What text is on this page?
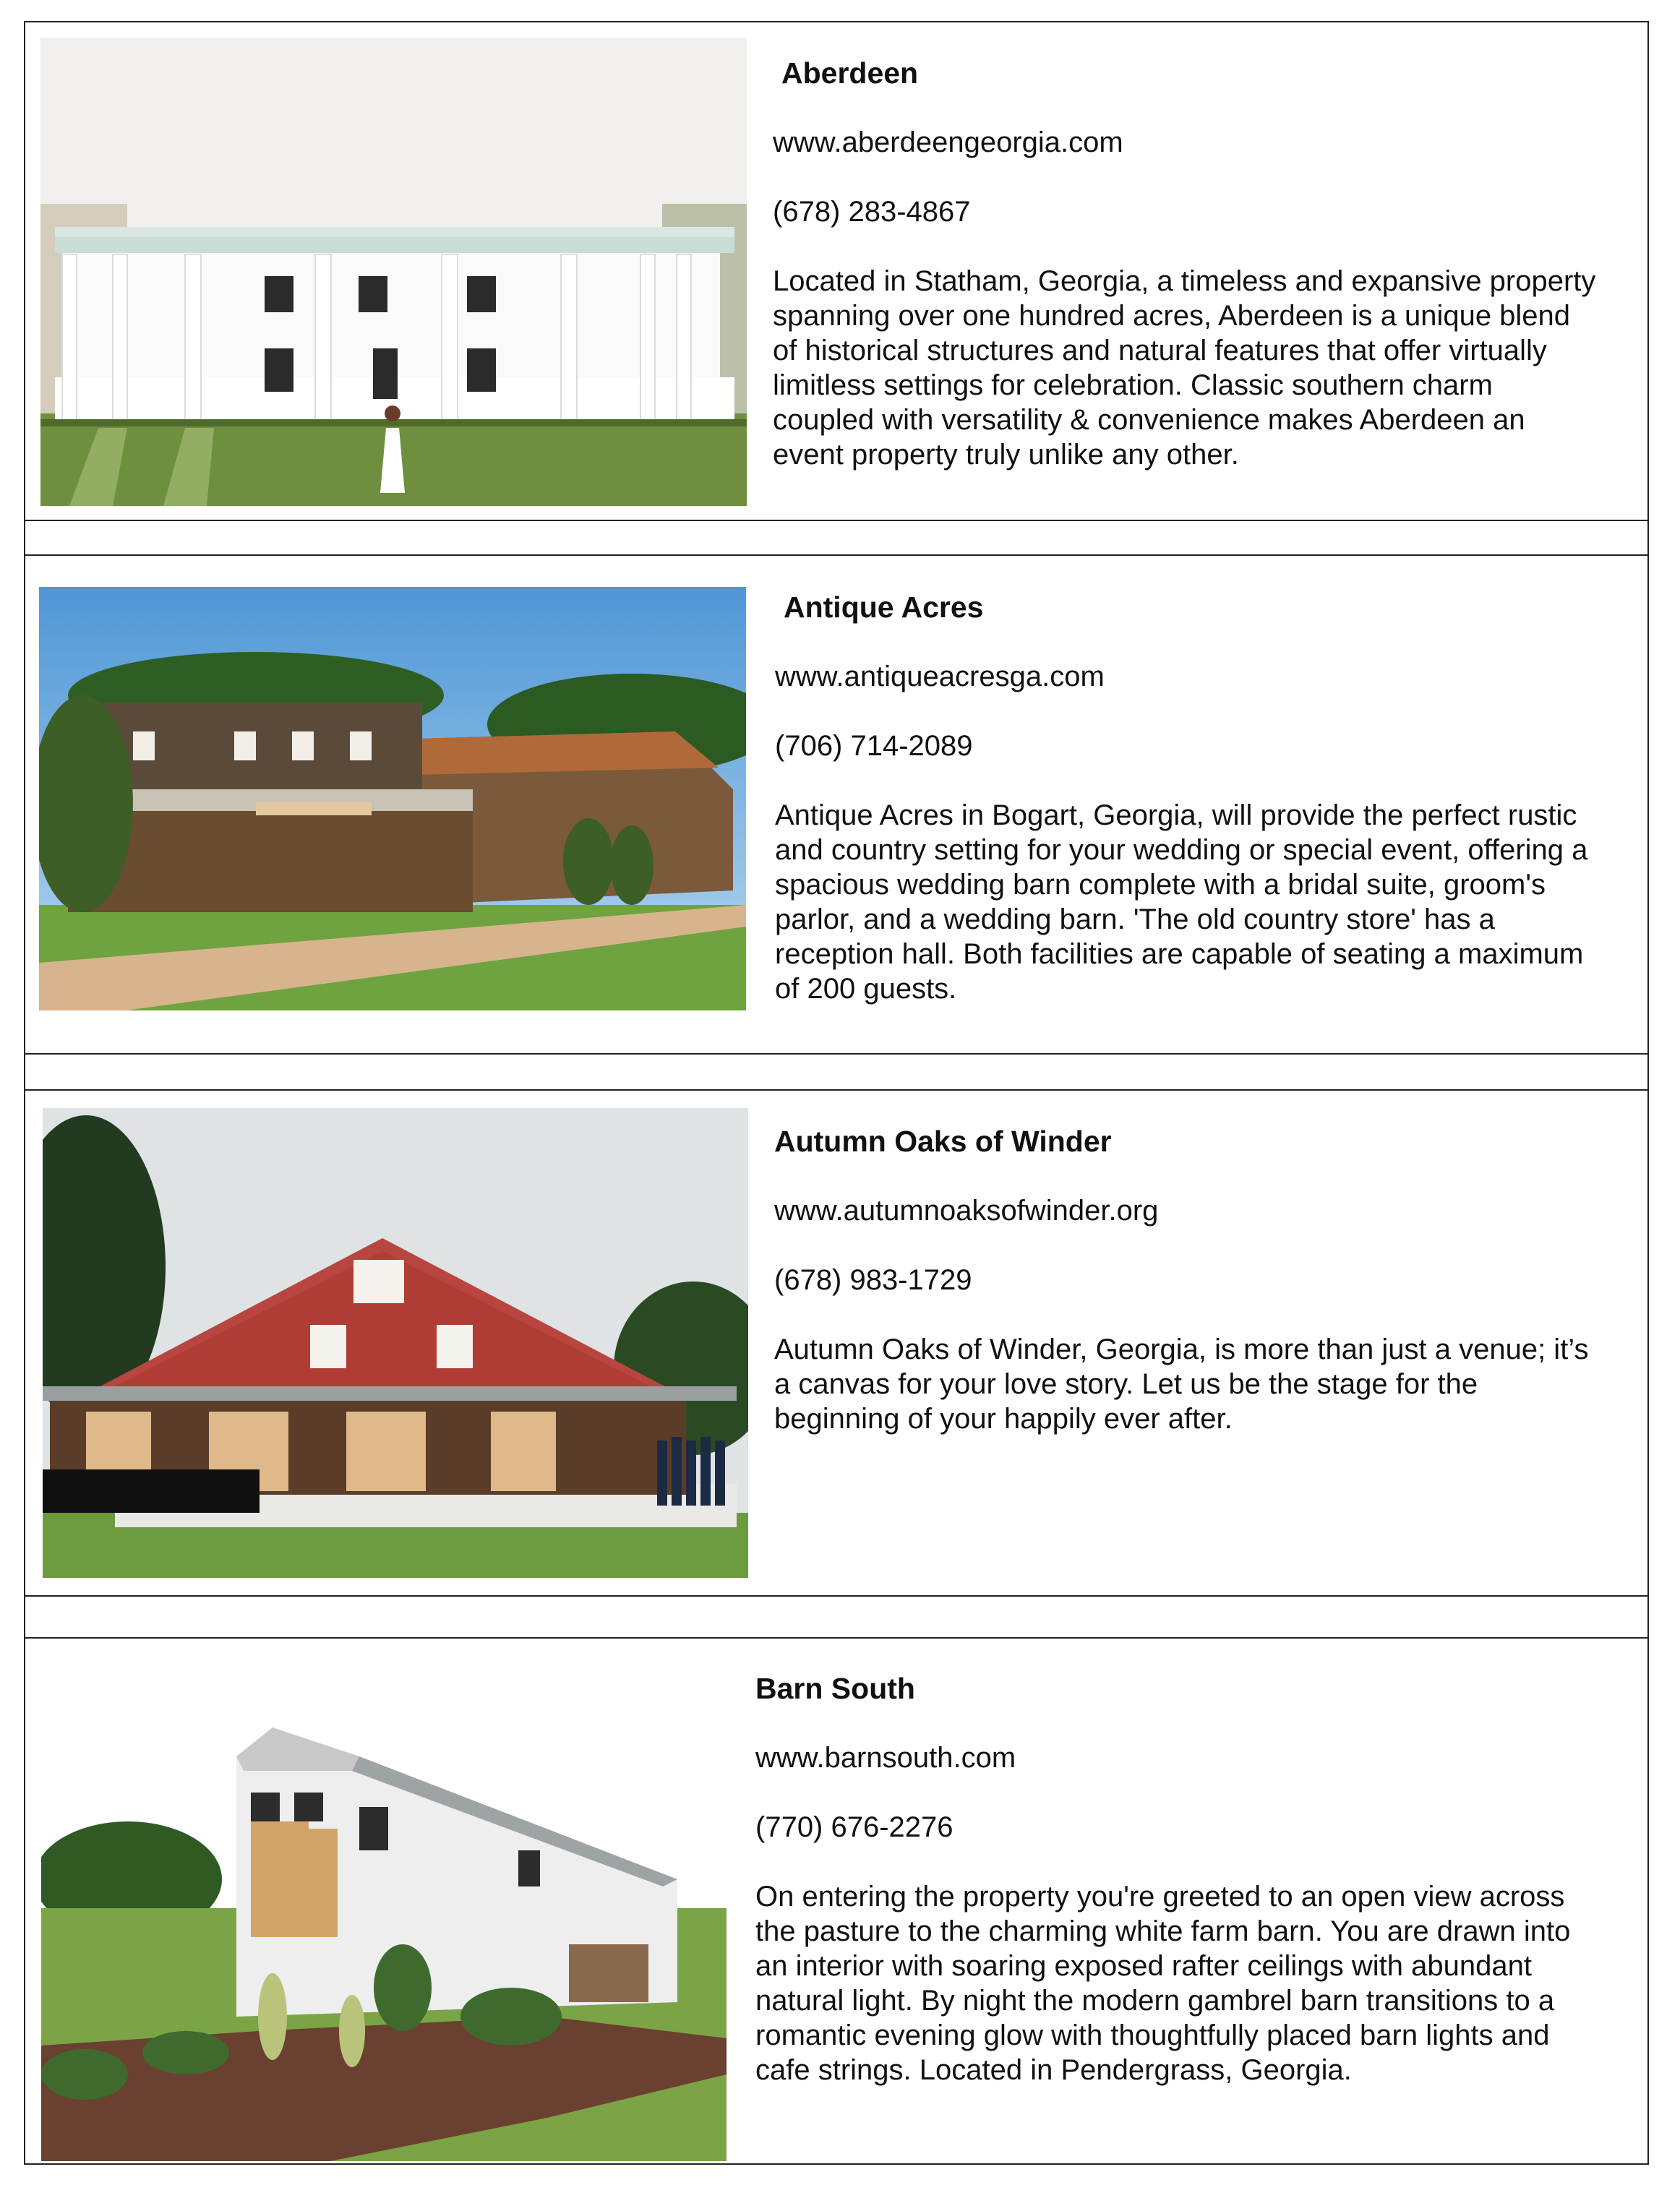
Aberdeen
www.aberdeengeorgia.com
(678) 283-4867
Located in Statham, Georgia, a timeless and expansive property
spanning over one hundred acres, Aberdeen is a unique blend
of historical structures and natural features that offer virtually
limitless settings for celebration. Classic southern charm
coupled with versatility & convenience makes Aberdeen an
event property truly unlike any other.
Antique Acres
www.antiqueacresga.com
(706) 714-2089
Antique Acres in Bogart, Georgia, will provide the perfect rustic
and country setting for your wedding or special event, offering a
spacious wedding barn complete with a bridal suite, groom's
parlor, and a wedding barn. 'The old country store' has a
reception hall. Both facilities are capable of seating a maximum
of 200 guests.
Autumn Oaks of Winder
www.autumnoaksofwinder.org
(678) 983-1729
Autumn Oaks of Winder, Georgia, is more than just a venue; it’s
a canvas for your love story. Let us be the stage for the
beginning of your happily ever after.
Barn South
www.barnsouth.com
(770) 676-2276
On entering the property you're greeted to an open view across
the pasture to the charming white farm barn. You are drawn into
an interior with soaring exposed rafter ceilings with abundant
natural light. By night the modern gambrel barn transitions to a
romantic evening glow with thoughtfully placed barn lights and
cafe strings. Located in Pendergrass, Georgia.
